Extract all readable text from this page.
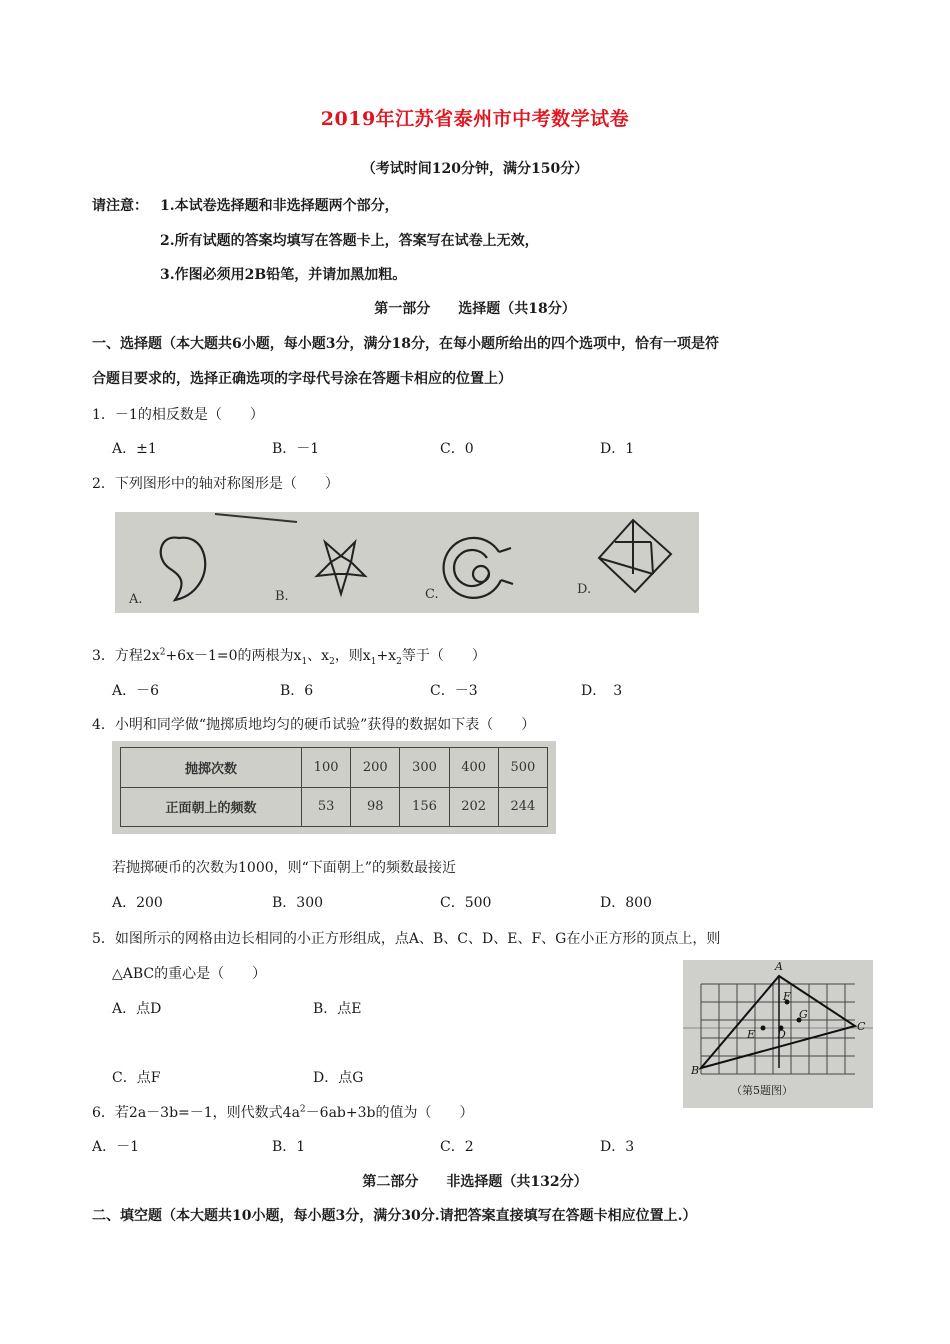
2019年江苏省泰州市中考数学试卷
（考试时间120分钟，满分150分）
请注意： 1.本试卷选择题和非选择题两个部分，
2.所有试题的答案均填写在答题卡上，答案写在试卷上无效，
3.作图必须用2B铅笔，并请加黑加粗。
第一部分　　选择题（共18分）
一、选择题（本大题共6小题，每小题3分，满分18分，在每小题所给出的四个选项中，恰有一项是符
合题目要求的，选择正确选项的字母代号涂在答题卡相应的位置上）
1．－1的相反数是（　　）
A．±1	B．－1	C．0	D．1
2．下列图形中的轴对称图形是（　　）
A.	B.	C.	D.
3．方程$2x^2+6x-1=0$的两根为$x_1$、$x_2$，则$x_1+x_2$等于（　　）
A．－6	B．6	C．－3	D．　3
4．小明和同学做“抛掷质地均匀的硬币试验”获得的数据如下表（　　）
抛掷次数	100	200	300	400	500
正面朝上的频数	53	98	156	202	244
若抛掷硬币的次数为1000，则“下面朝上”的频数最接近
A．200	B．300	C．500	D．800
5．如图所示的网格由边长相同的小正方形组成，点A、B、C、D、E、F、G在小正方形的顶点上，则
△ABC的重心是（　　）
A．点D	B．点E
C．点F	D．点G
A
F
G
E D
C
B
（第5题图）
6．若2a－3b=－1，则代数式$4a^2-6ab+3b$的值为（　　）
A．－1	B．1	C．2	D．3
第二部分　　非选择题（共132分）
二、填空题（本大题共10小题，每小题3分，满分30分.请把答案直接填写在答题卡相应位置上.）
